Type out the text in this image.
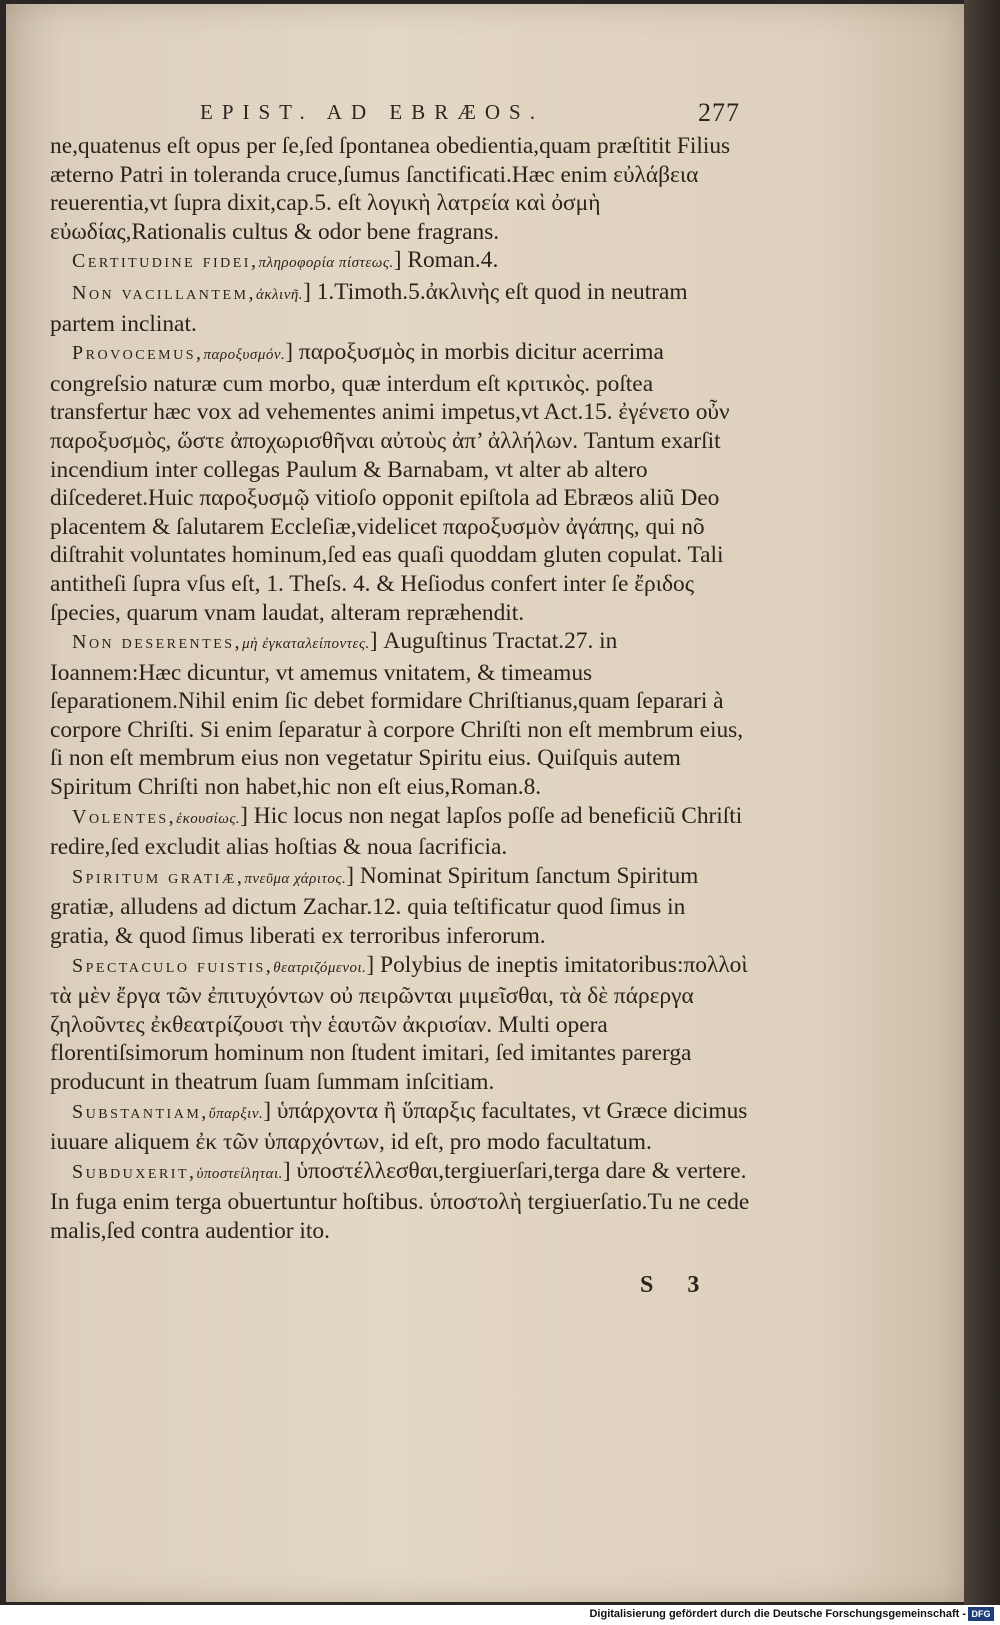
EPIST. AD EBRÆOS.	277

ne,quatenus eſt opus per ſe,ſed ſpontanea obedientia,quam præſtitit Filius æterno Patri in toleranda cruce,ſumus ſanctificati.Hæc enim εὐλάβεια reuerentia,vt ſupra dixit,cap.5. eſt λογικὴ λατρεία καὶ ὀσμὴ εὐωδίας,Rationalis cultus & odor bene fragrans.

Certitudine fidei,πληροφορία πίστεως.] Roman.4.

Non vacillantem,ἀκλινῆ.] 1.Timoth.5.ἀκλινὴς eſt quod in neutram partem inclinat.

Provocemus,παροξυσμόν.] παροξυσμὸς in morbis dicitur acerrima congreſsio naturæ cum morbo, quæ interdum eſt κριτικὸς. poſtea transfertur hæc vox ad vehementes animi impetus,vt Act.15. ἐγένετο οὖν παροξυσμὸς, ὥστε ἀποχωρισθῆναι αὐτοὺς ἀπ’ ἀλλήλων. Tantum exarſit incendium inter collegas Paulum & Barnabam, vt alter ab altero diſcederet.Huic παροξυσμῷ vitioſo opponit epiſtola ad Ebræos aliũ Deo placentem & ſalutarem Eccleſiæ,videlicet παροξυσμὸν ἀγάπης, qui nõ diſtrahit voluntates hominum,ſed eas quaſi quoddam gluten copulat. Tali antitheſi ſupra vſus eſt, 1. Theſs. 4. & Heſiodus confert inter ſe ἔριδος ſpecies, quarum vnam laudat, alteram repræhendit.

Non deserentes,μὴ ἐγκαταλείποντες.] Auguſtinus Tractat.27. in Ioannem:Hæc dicuntur, vt amemus vnitatem, & timeamus ſeparationem.Nihil enim ſic debet formidare Chriſtianus,quam ſeparari à corpore Chriſti. Si enim ſeparatur à corpore Chriſti non eſt membrum eius, ſi non eſt membrum eius non vegetatur Spiritu eius. Quiſquis autem Spiritum Chriſti non habet,hic non eſt eius,Roman.8.

Volentes,ἑκουσίως.] Hic locus non negat lapſos poſſe ad beneficiũ Chriſti redire,ſed excludit alias hoſtias & noua ſacrificia.

Spiritum gratiæ,πνεῦμα χάριτος.] Nominat Spiritum ſanctum Spiritum gratiæ, alludens ad dictum Zachar.12. quia teſtificatur quod ſimus in gratia, & quod ſimus liberati ex terroribus inferorum.

Spectaculo fuistis,θεατριζόμενοι.] Polybius de ineptis imitatoribus:πολλοὶ τὰ μὲν ἔργα τῶν ἐπιτυχόντων οὐ πειρῶνται μιμεῖσθαι, τὰ δὲ πάρεργα ζηλοῦντες ἐκθεατρίζουσι τὴν ἑαυτῶν ἀκρισίαν. Multi opera florentiſsimorum hominum non ſtudent imitari, ſed imitantes parerga producunt in theatrum ſuam ſummam inſcitiam.

Substantiam,ὕπαρξιν.] ὑπάρχοντα ἢ ὕπαρξις facultates, vt Græce dicimus iuuare aliquem ἐκ τῶν ὑπαρχόντων, id eſt, pro modo facultatum.

Subduxerit,ὑποστείληται.] ὑποστέλλεσθαι,tergiuerſari,terga dare & vertere. In fuga enim terga obuertuntur hoſtibus. ὑποστολὴ tergiuerſatio.Tu ne cede malis,ſed contra audentior ito.

S 3
Digitalisierung gefördert durch die Deutsche Forschungsgemeinschaft - DFG
